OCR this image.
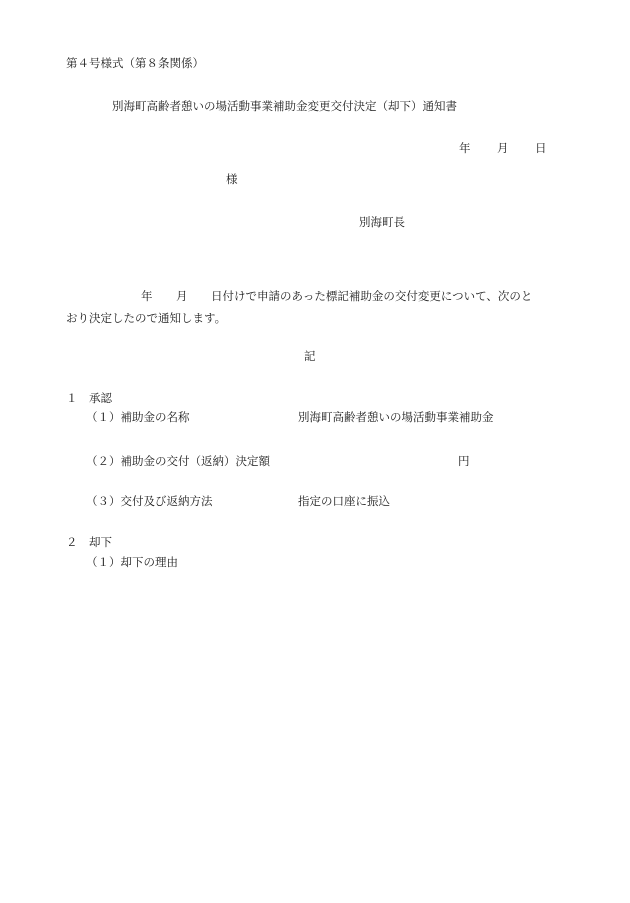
第４号様式（第８条関係）
別海町高齢者憩いの場活動事業補助金変更交付決定（却下）通知書
年 月 日
様
別海町長
年 月 日付けで申請のあった標記補助金の交付変更について、次のと
おり決定したので通知します。
記
１　承認
（１）補助金の名称	別海町高齢者憩いの場活動事業補助金
（２）補助金の交付（返納）決定額	円
（３）交付及び返納方法	指定の口座に振込
２　却下
（１）却下の理由
